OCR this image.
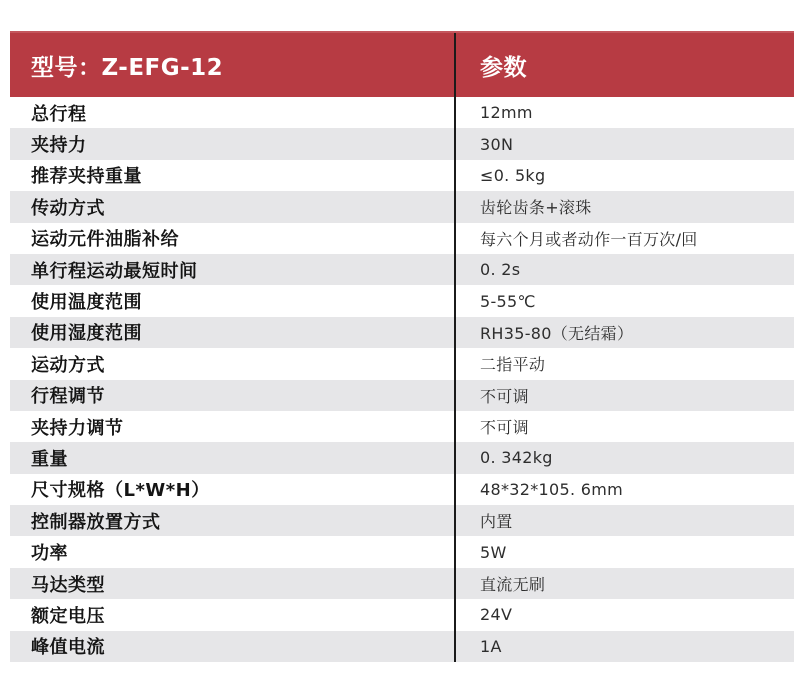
型号：Z-EFG-12	参数
总行程	12mm
夹持力	30N
推荐夹持重量	≤0. 5kg
传动方式	齿轮齿条+滚珠
运动元件油脂补给	每六个月或者动作一百万次/回
单行程运动最短时间	0. 2s
使用温度范围	5-55℃
使用湿度范围	RH35-80（无结霜）
运动方式	二指平动
行程调节	不可调
夹持力调节	不可调
重量	0. 342kg
尺寸规格（L*W*H）	48*32*105. 6mm
控制器放置方式	内置
功率	5W
马达类型	直流无刷
额定电压	24V
峰值电流	1A
